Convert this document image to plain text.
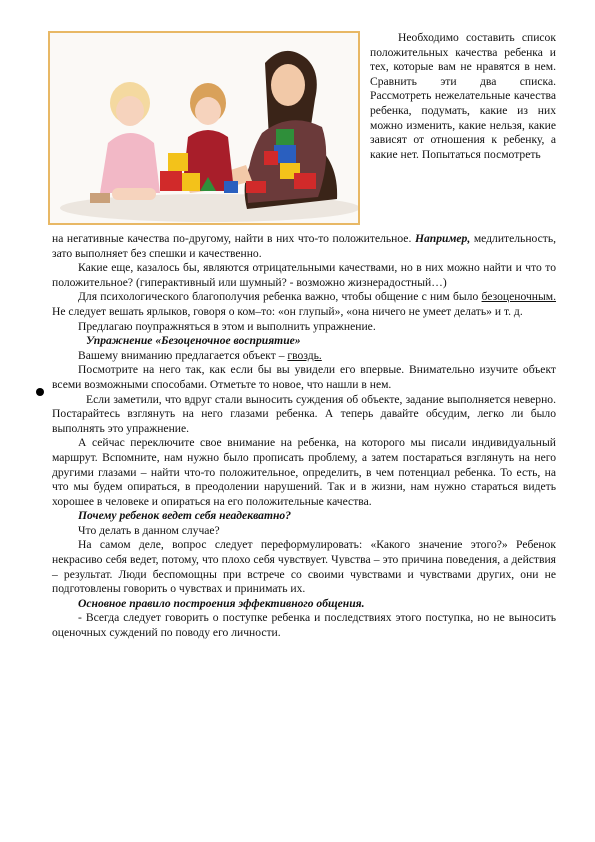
Необходимо составить список положительных качества ребенка и тех, которые вам не нравятся в нем. Сравнить эти два списка. Рассмотреть нежелательные качества ребенка, подумать, какие из них можно изменить, какие нельзя, какие зависят от отношения к ребенку, а какие нет. Попытаться посмотреть

на негативные качества по-другому, найти в них что-то положительное. Например, медлительность, зато выполняет без спешки и качественно.

Какие еще, казалось бы, являются отрицательными качествами, но в них можно найти и что то положительное? (гиперактивный или шумный? - возможно жизнерадостный…)

Для психологического благополучия ребенка важно, чтобы общение с ним было безоценочным. Не следует вешать ярлыков, говоря о ком–то: «он глупый», «она ничего не умеет делать» и т. д.

Предлагаю поупражняться в этом и выполнить упражнение.

Упражнение «Безоценочное восприятие»

Вашему вниманию предлагается объект – гвоздь.

Посмотрите на него так, как если бы вы увидели его впервые. Внимательно изучите объект всеми возможными способами. Отметьте то новое, что нашли в нем.

Если заметили, что вдруг стали выносить суждения об объекте, задание выполняется неверно. Постарайтесь взглянуть на него глазами ребенка. А теперь давайте обсудим, легко ли было выполнять это упражнение.

А сейчас переключите свое внимание на ребенка, на которого мы писали индивидуальный маршрут. Вспомните, нам нужно было прописать проблему, а затем постараться взглянуть на него другими глазами – найти что-то положительное, определить, в чем потенциал ребенка. То есть, на что мы будем опираться, в преодолении нарушений. Так и в жизни, нам нужно стараться видеть хорошее в человеке и опираться на его положительные качества.

Почему ребенок ведет себя неадекватно?

Что делать в данном случае?

На самом деле, вопрос следует переформулировать: «Какого значение этого?» Ребенок некрасиво себя ведет, потому, что плохо себя чувствует. Чувства – это причина поведения, а действия – результат. Люди беспомощны при встрече со своими чувствами и чувствами других, они не подготовлены говорить о чувствах и принимать их.

Основное правило построения эффективного общения.

- Всегда следует говорить о поступке ребенка и последствиях этого поступка, но не выносить оценочных суждений по поводу его личности.
